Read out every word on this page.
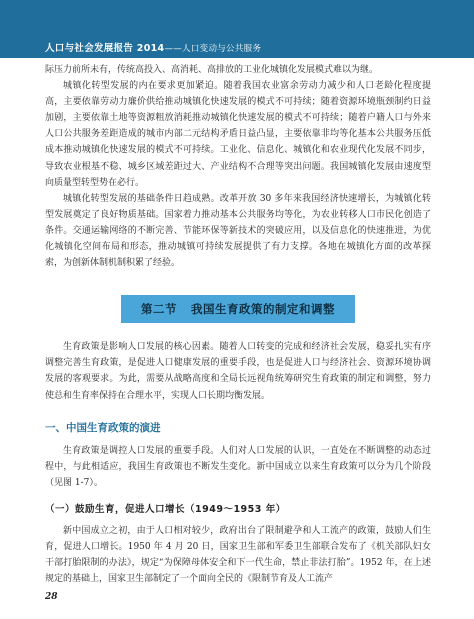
人口与社会发展报告 2014——人口变动与公共服务

际压力前所未有，传统高投入、高消耗、高排放的工业化城镇化发展模式难以为继。

城镇化转型发展的内在要求更加紧迫。随着我国农业富余劳动力减少和人口老龄化程度提高，主要依靠劳动力廉价供给推动城镇化快速发展的模式不可持续；随着资源环境瓶颈制约日益加剧，主要依靠土地等资源粗放消耗推动城镇化快速发展的模式不可持续；随着户籍人口与外来人口公共服务差距造成的城市内部二元结构矛盾日益凸显，主要依靠非均等化基本公共服务压低成本推动城镇化快速发展的模式不可持续。工业化、信息化、城镇化和农业现代化发展不同步，导致农业根基不稳、城乡区域差距过大、产业结构不合理等突出问题。我国城镇化发展由速度型向质量型转型势在必行。

城镇化转型发展的基础条件日趋成熟。改革开放 30 多年来我国经济快速增长，为城镇化转型发展奠定了良好物质基础。国家着力推动基本公共服务均等化，为农业转移人口市民化创造了条件。交通运输网络的不断完善、节能环保等新技术的突破应用，以及信息化的快速推进，为优化城镇化空间布局和形态，推动城镇可持续发展提供了有力支撑。各地在城镇化方面的改革探索，为创新体制机制积累了经验。

第二节 我国生育政策的制定和调整

生育政策是影响人口发展的核心因素。随着人口转变的完成和经济社会发展，稳妥扎实有序调整完善生育政策，是促进人口健康发展的重要手段，也是促进人口与经济社会、资源环境协调发展的客观要求。为此，需要从战略高度和全局长远视角统筹研究生育政策的制定和调整，努力使总和生育率保持在合理水平，实现人口长期均衡发展。

一、中国生育政策的演进

生育政策是调控人口发展的重要手段。人们对人口发展的认识，一直处在不断调整的动态过程中，与此相适应，我国生育政策也不断发生变化。新中国成立以来生育政策可以分为几个阶段（见图 1-7）。

（一）鼓励生育，促进人口增长（1949～1953 年）

新中国成立之初，由于人口相对较少，政府出台了限制避孕和人工流产的政策，鼓励人们生育，促进人口增长。1950 年 4 月 20 日，国家卫生部和军委卫生部联合发布了《机关部队妇女干部打胎限制的办法》，规定“为保障母体安全和下一代生命，禁止非法打胎”。1952 年，在上述规定的基础上，国家卫生部制定了一个面向全民的《限制节育及人工流产

28
